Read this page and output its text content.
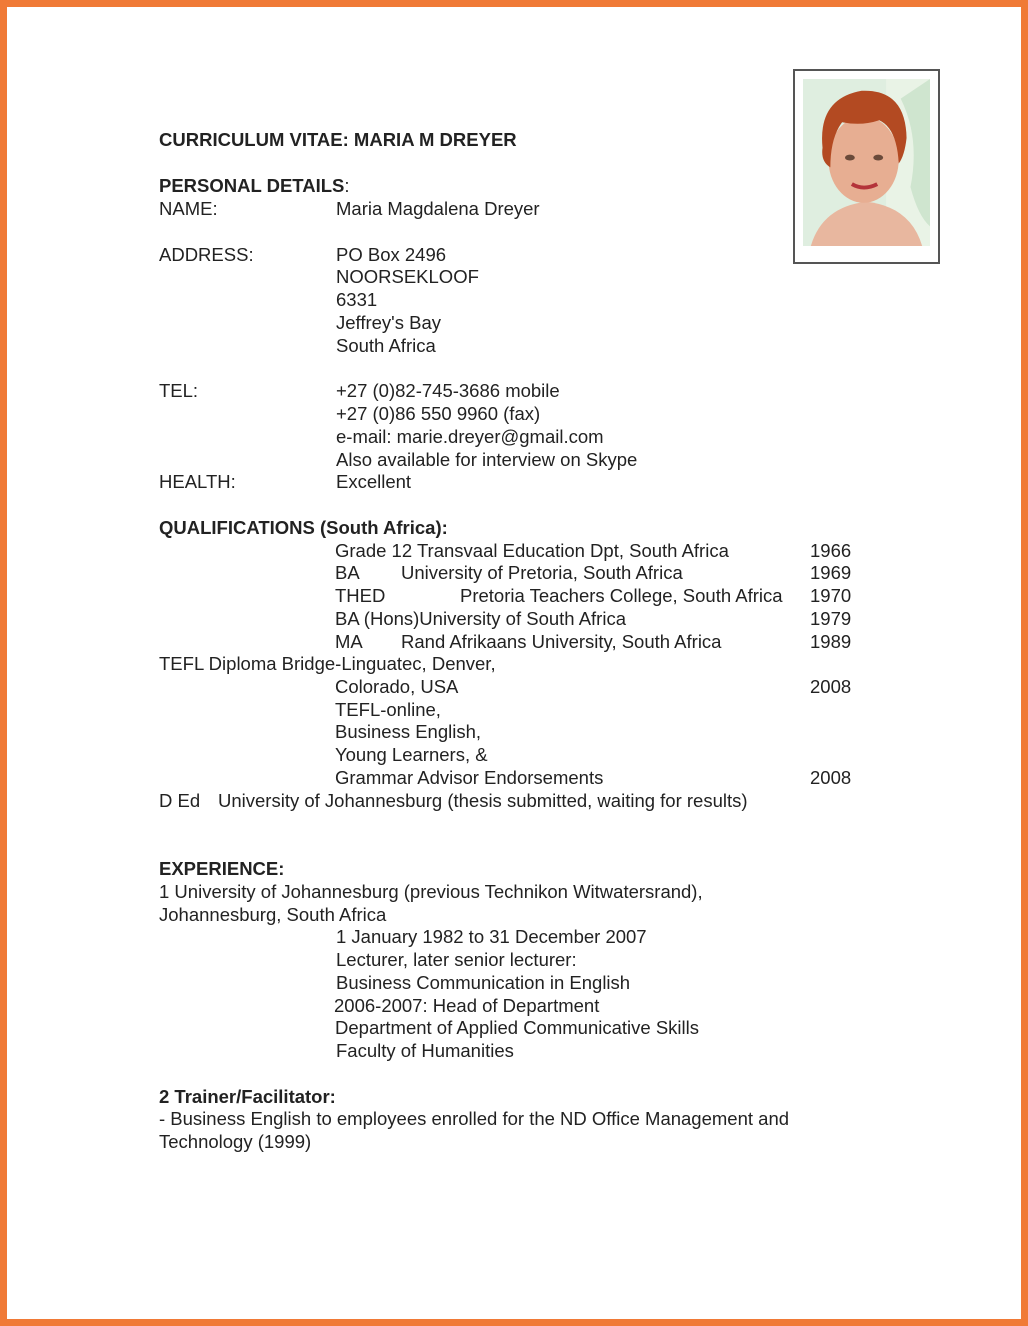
CURRICULUM VITAE: MARIA M DREYER
PERSONAL DETAILS:
NAME:	Maria Magdalena Dreyer
ADDRESS:	PO Box 2496
NOORSEKLOOF
6331
Jeffrey's Bay
South Africa
TEL:	+27 (0)82-745-3686 mobile
+27 (0)86 550 9960 (fax)
e-mail: marie.dreyer@gmail.com
Also available for interview on Skype
HEALTH:	Excellent
QUALIFICATIONS (South Africa):
Grade 12 Transvaal Education Dpt, South Africa	1966
BA University of Pretoria, South Africa	1969
THED	Pretoria Teachers College, South Africa 1970
BA (Hons)University of South Africa	1979
MA Rand Afrikaans University, South Africa	1989
TEFL Diploma Bridge-Linguatec, Denver,
Colorado, USA	2008
TEFL-online,
Business English,
Young Learners, &
Grammar Advisor Endorsements	2008
D Ed University of Johannesburg (thesis submitted, waiting for results)
EXPERIENCE:
1 University of Johannesburg (previous Technikon Witwatersrand),
Johannesburg, South Africa
1 January 1982 to 31 December 2007
Lecturer, later senior lecturer:
Business Communication in English
2006-2007: Head of Department
Department of Applied Communicative Skills
Faculty of Humanities
2 Trainer/Facilitator:
- Business English to employees enrolled for the ND Office Management and
Technology (1999)
